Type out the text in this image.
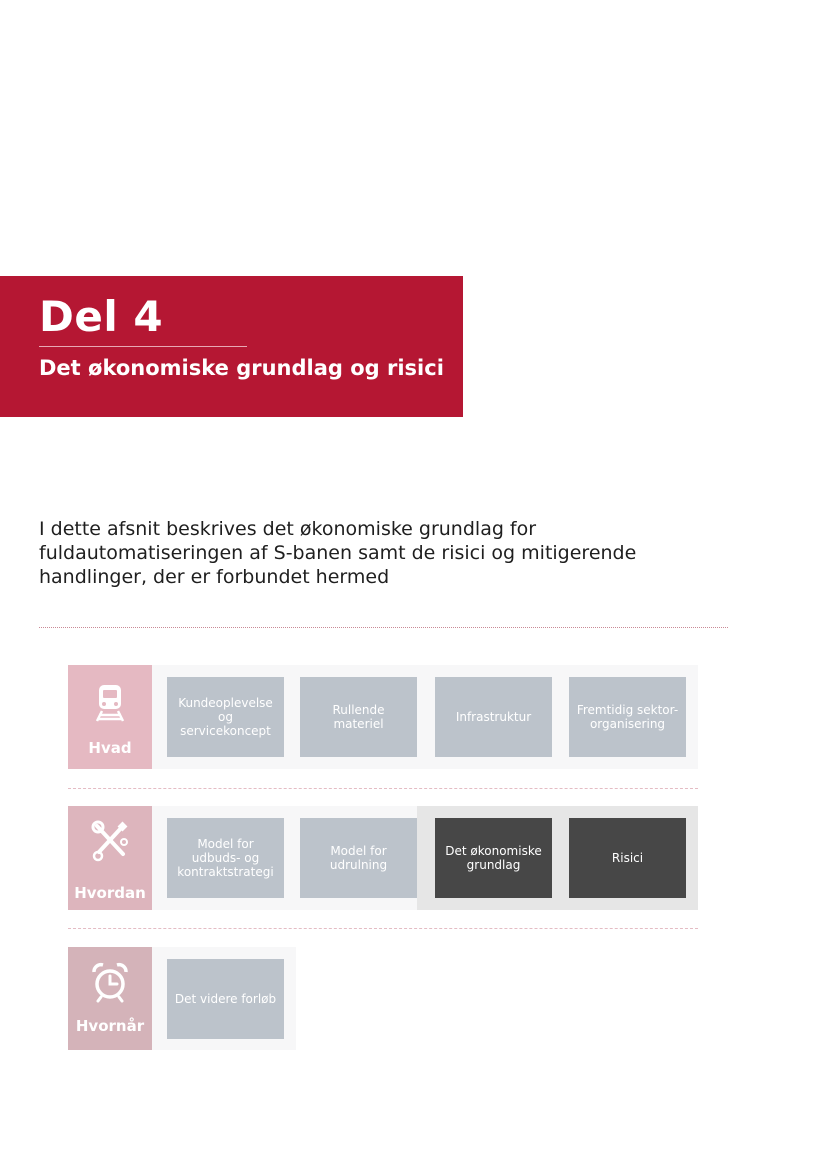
Del 4
Det økonomiske grundlag og risici

I dette afsnit beskrives det økonomiske grundlag for fuldautomatiseringen af S-banen samt de risici og mitigerende handlinger, der er forbundet hermed

Hvad
Kundeoplevelse og servicekoncept
Rullende materiel	Infrastruktur	Fremtidig sektor-organisering
Hvordan
Model for udbuds- og kontraktstrategi
Model for udrulning
Det økonomiske grundlag	Risici
Hvornår
Det videre forløb
